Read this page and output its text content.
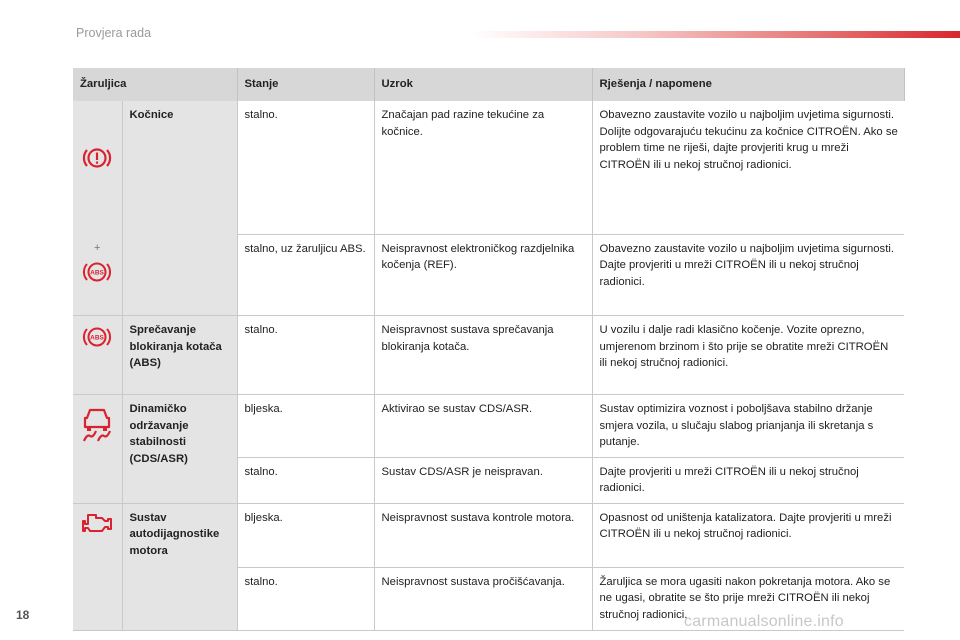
Provjera rada
Žaruljica		Stanje	Uzrok	Rješenja / napomene

+
ABS	Kočnice	stalno.	Značajan pad razine tekućine za kočnice.	Obavezno zaustavite vozilo u najboljim uvjetima sigurnosti. Dolijte odgovarajuću tekućinu za kočnice CITROËN. Ako se problem time ne riješi, dajte provjeriti krug u mreži CITROËN ili u nekoj stručnoj radionici.
		stalno, uz žaruljicu ABS.	Neispravnost elektroničkog razdjelnika kočenja (REF).	Obavezno zaustavite vozilo u najboljim uvjetima sigurnosti. Dajte provjeriti u mreži CITROËN ili u nekoj stručnoj radionici.

ABS	Sprečavanje blokiranja kotača (ABS)	stalno.	Neispravnost sustava sprečavanja blokiranja kotača.	U vozilu i dalje radi klasično kočenje. Vozite oprezno, umjerenom brzinom i što prije se obratite mreži CITROËN ili nekoj stručnoj radionici.

	Dinamičko održavanje stabilnosti (CDS/ASR)	bljeska.	Aktivirao se sustav CDS/ASR.	Sustav optimizira voznost i poboljšava stabilno držanje smjera vozila, u slučaju slabog prianjanja ili skretanja s putanje.
		stalno.	Sustav CDS/ASR je neispravan.	Dajte provjeriti u mreži CITROËN ili u nekoj stručnoj radionici.

	Sustav autodijagnostike motora	bljeska.	Neispravnost sustava kontrole motora.	Opasnost od uništenja katalizatora. Dajte provjeriti u mreži CITROËN ili u nekoj stručnoj radionici.
		stalno.	Neispravnost sustava pročišćavanja.	Žaruljica se mora ugasiti nakon pokretanja motora. Ako se ne ugasi, obratite se što prije mreži CITROËN ili nekoj stručnoj radionici.
18	carmanualsonline.info
